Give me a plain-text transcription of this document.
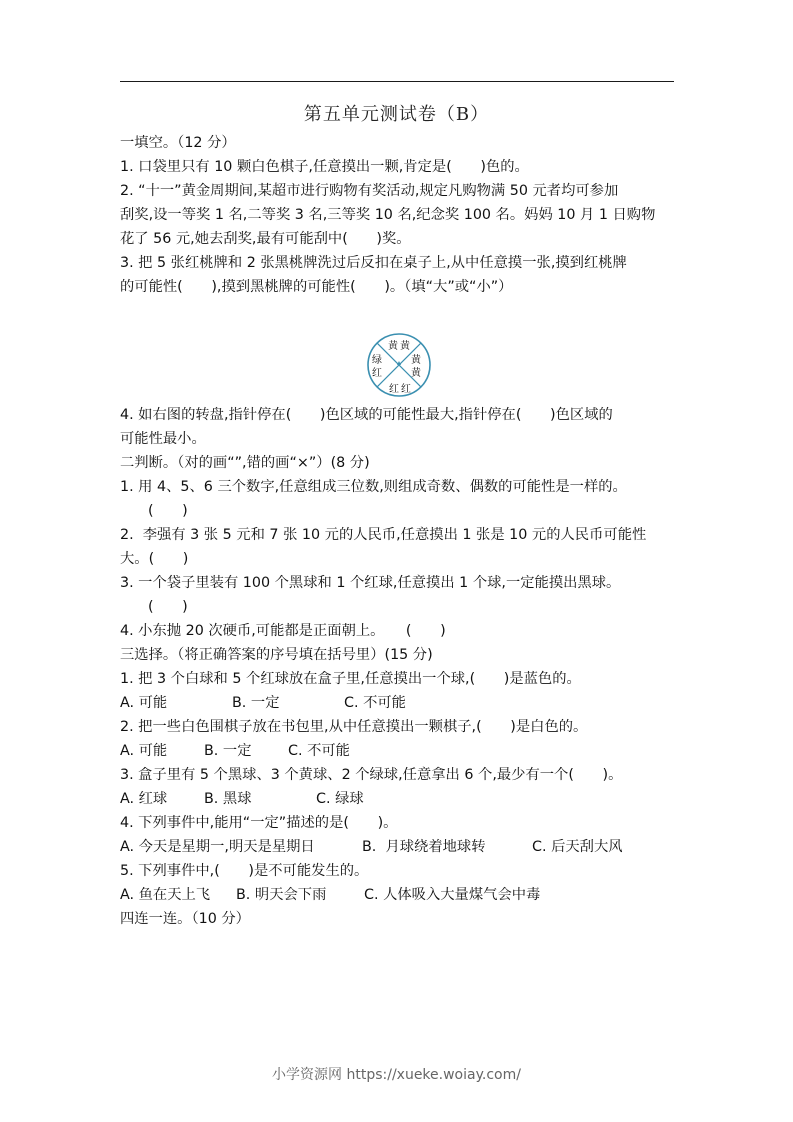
第五单元测试卷（B）
一填空。（12 分）
1. 口袋里只有 10 颗白色棋子,任意摸出一颗,肯定是(　　)色的。
2. “十一”黄金周期间,某超市进行购物有奖活动,规定凡购物满 50 元者均可参加
刮奖,设一等奖 1 名,二等奖 3 名,三等奖 10 名,纪念奖 100 名。妈妈 10 月 1 日购物
花了 56 元,她去刮奖,最有可能刮中(　　)奖。
3. 把 5 张红桃牌和 2 张黑桃牌洗过后反扣在桌子上,从中任意摸一张,摸到红桃牌
的可能性(　　),摸到黑桃牌的可能性(　　)。（填“大”或“小”）
黄 黄
黄
黄
红 红
绿
红
4. 如右图的转盘,指针停在(　　)色区域的可能性最大,指针停在(　　)色区域的
可能性最小。
二判断。（对的画“”,错的画“×”）(8 分)
1. 用 4、5、6 三个数字,任意组成三位数,则组成奇数、偶数的可能性是一样的。
(　　)
2.  李强有 3 张 5 元和 7 张 10 元的人民币,任意摸出 1 张是 10 元的人民币可能性
大。(　　)
3. 一个袋子里装有 100 个黑球和 1 个红球,任意摸出 1 个球,一定能摸出黑球。
(　　)
4. 小东抛 20 次硬币,可能都是正面朝上。　　(　　)
三选择。（将正确答案的序号填在括号里）(15 分)
1. 把 3 个白球和 5 个红球放在盒子里,任意摸出一个球,(　　)是蓝色的。
A. 可能	B. 一定	C. 不可能
2. 把一些白色围棋子放在书包里,从中任意摸出一颗棋子,(　　)是白色的。
A. 可能	B. 一定	C. 不可能
3. 盒子里有 5 个黑球、3 个黄球、2 个绿球,任意拿出 6 个,最少有一个(　　)。
A. 红球	B. 黑球	C. 绿球
4. 下列事件中,能用“一定”描述的是(　　)。
A. 今天是星期一,明天是星期日	B.  月球绕着地球转	C. 后天刮大风
5. 下列事件中,(　　)是不可能发生的。
A. 鱼在天上飞	B. 明天会下雨	C. 人体吸入大量煤气会中毒
四连一连。（10 分）
小学资源网 https://xueke.woiay.com/
